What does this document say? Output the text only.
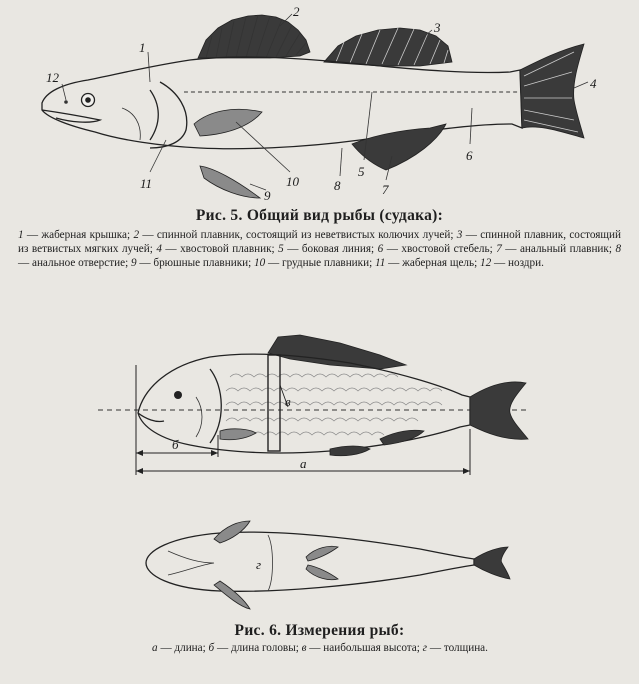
1
2
3
4
5
6
7
8
9
10
11
12
Рис. 5. Общий вид рыбы (судака):
1 — жаберная крышка; 2 — спинной плавник, состоящий из неветвистых колючих лучей; 3 — спинной плавник, состоящий из ветвистых мягких лучей; 4 — хвостовой плавник; 5 — боковая линия; 6 — хвостовой стебель; 7 — анальный плавник; 8 — анальное отверстие; 9 — брюшные плавники; 10 — грудные плавники; 11 — жаберная щель; 12 — ноздри.
б
а
в
г
Рис. 6. Измерения рыб:
а — длина; б — длина головы; в — наибольшая высота; г — толщина.
